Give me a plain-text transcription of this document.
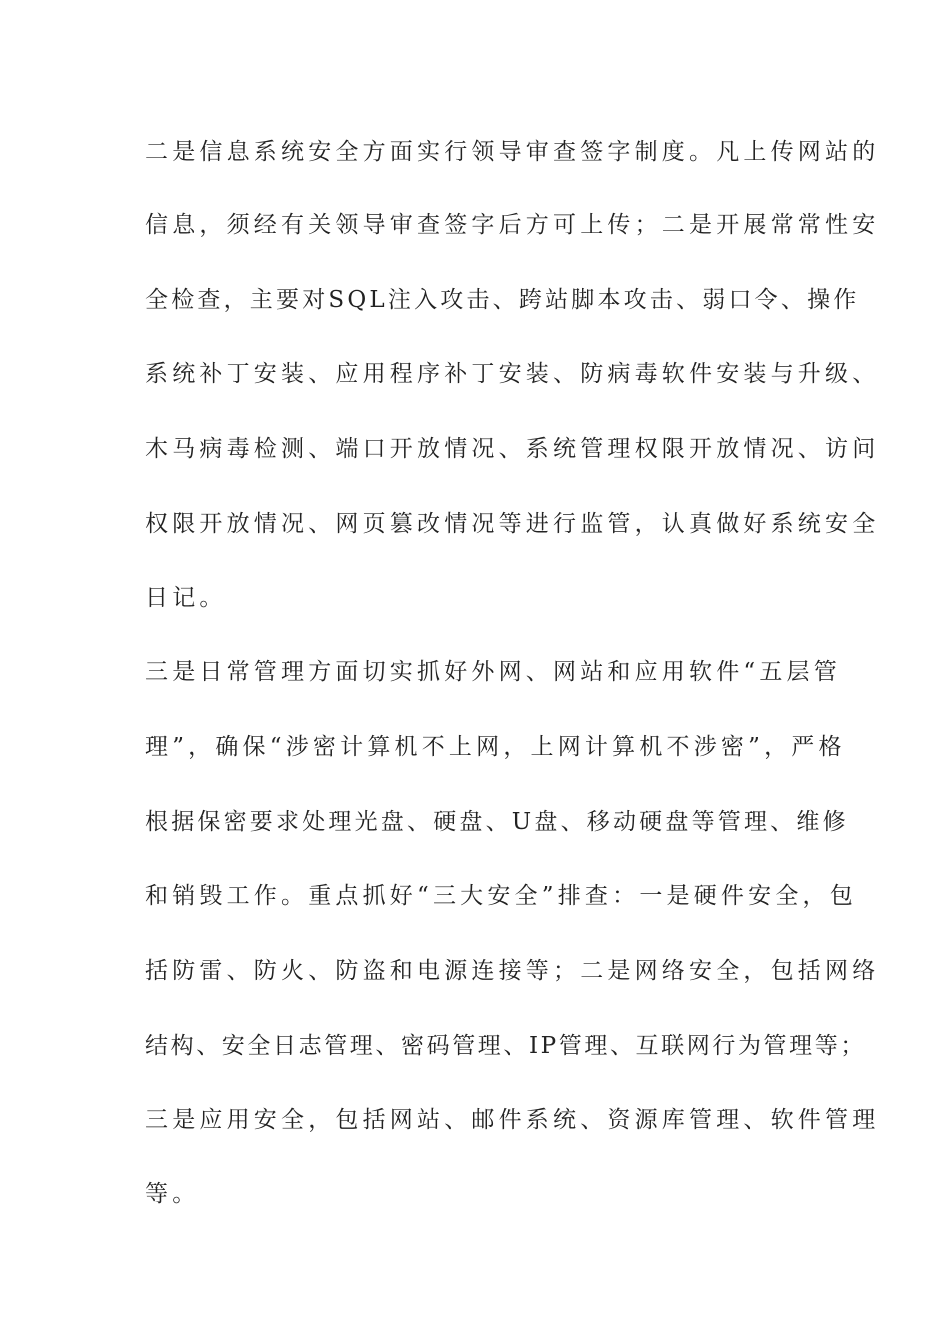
二是信息系统安全方面实行领导审查签字制度。凡上传网站的
信息，须经有关领导审查签字后方可上传；二是开展常常性安
全检查，主要对SQL注入攻击、跨站脚本攻击、弱口令、操作
系统补丁安装、应用程序补丁安装、防病毒软件安装与升级、
木马病毒检测、端口开放情况、系统管理权限开放情况、访问
权限开放情况、网页篡改情况等进行监管，认真做好系统安全
日记。
三是日常管理方面切实抓好外网、网站和应用软件“五层管
理”，确保“涉密计算机不上网，上网计算机不涉密”，严格
根据保密要求处理光盘、硬盘、U盘、移动硬盘等管理、维修
和销毁工作。重点抓好“三大安全”排查：一是硬件安全，包
括防雷、防火、防盗和电源连接等；二是网络安全，包括网络
结构、安全日志管理、密码管理、IP管理、互联网行为管理等；
三是应用安全，包括网站、邮件系统、资源库管理、软件管理
等。
